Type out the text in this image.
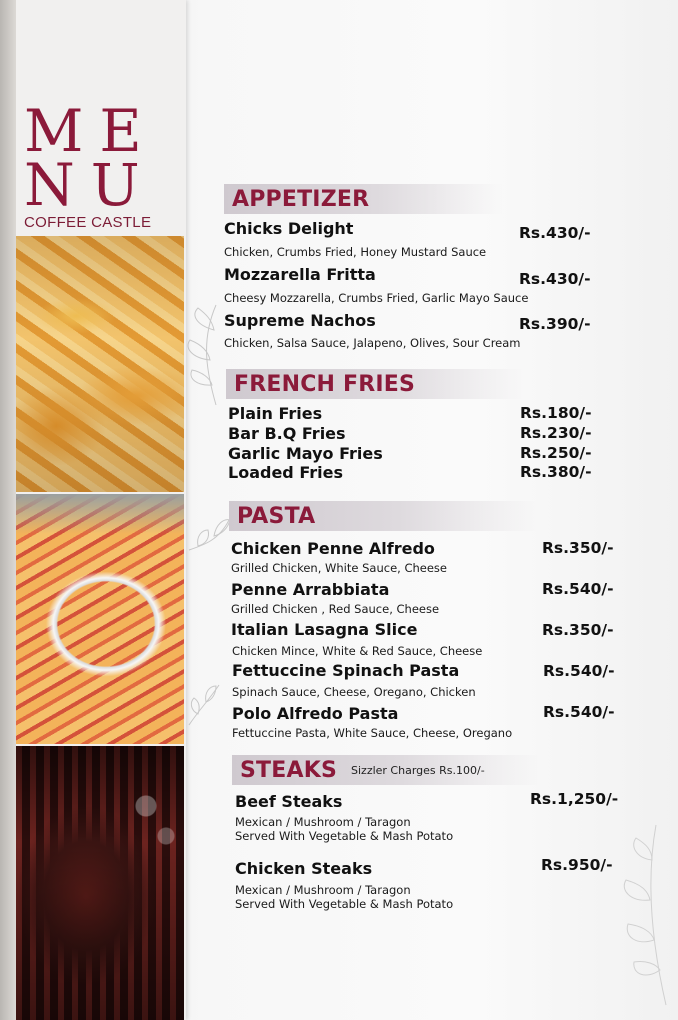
ME
NU
COFFEE CASTLE
APPETIZER
Chicks Delight	Rs.430/-
Chicken, Crumbs Fried, Honey Mustard Sauce
Mozzarella Fritta	Rs.430/-
Cheesy Mozzarella, Crumbs Fried, Garlic Mayo Sauce
Supreme Nachos	Rs.390/-
Chicken, Salsa Sauce, Jalapeno, Olives, Sour Cream
FRENCH FRIES
Plain Fries	Rs.180/-
Bar B.Q Fries	Rs.230/-
Garlic Mayo Fries	Rs.250/-
Loaded Fries	Rs.380/-
PASTA
Chicken Penne Alfredo	Rs.350/-
Grilled Chicken, White Sauce, Cheese
Penne Arrabbiata	Rs.540/-
Grilled Chicken , Red Sauce, Cheese
Italian Lasagna Slice	Rs.350/-
Chicken Mince, White & Red Sauce, Cheese
Fettuccine Spinach Pasta	Rs.540/-
Spinach Sauce, Cheese, Oregano, Chicken
Polo Alfredo Pasta	Rs.540/-
Fettuccine Pasta, White Sauce, Cheese, Oregano
STEAKS Sizzler Charges Rs.100/-
Beef Steaks	Rs.1,250/-
Mexican / Mushroom / Taragon
Served With Vegetable & Mash Potato
Chicken Steaks	Rs.950/-
Mexican / Mushroom / Taragon
Served With Vegetable & Mash Potato
